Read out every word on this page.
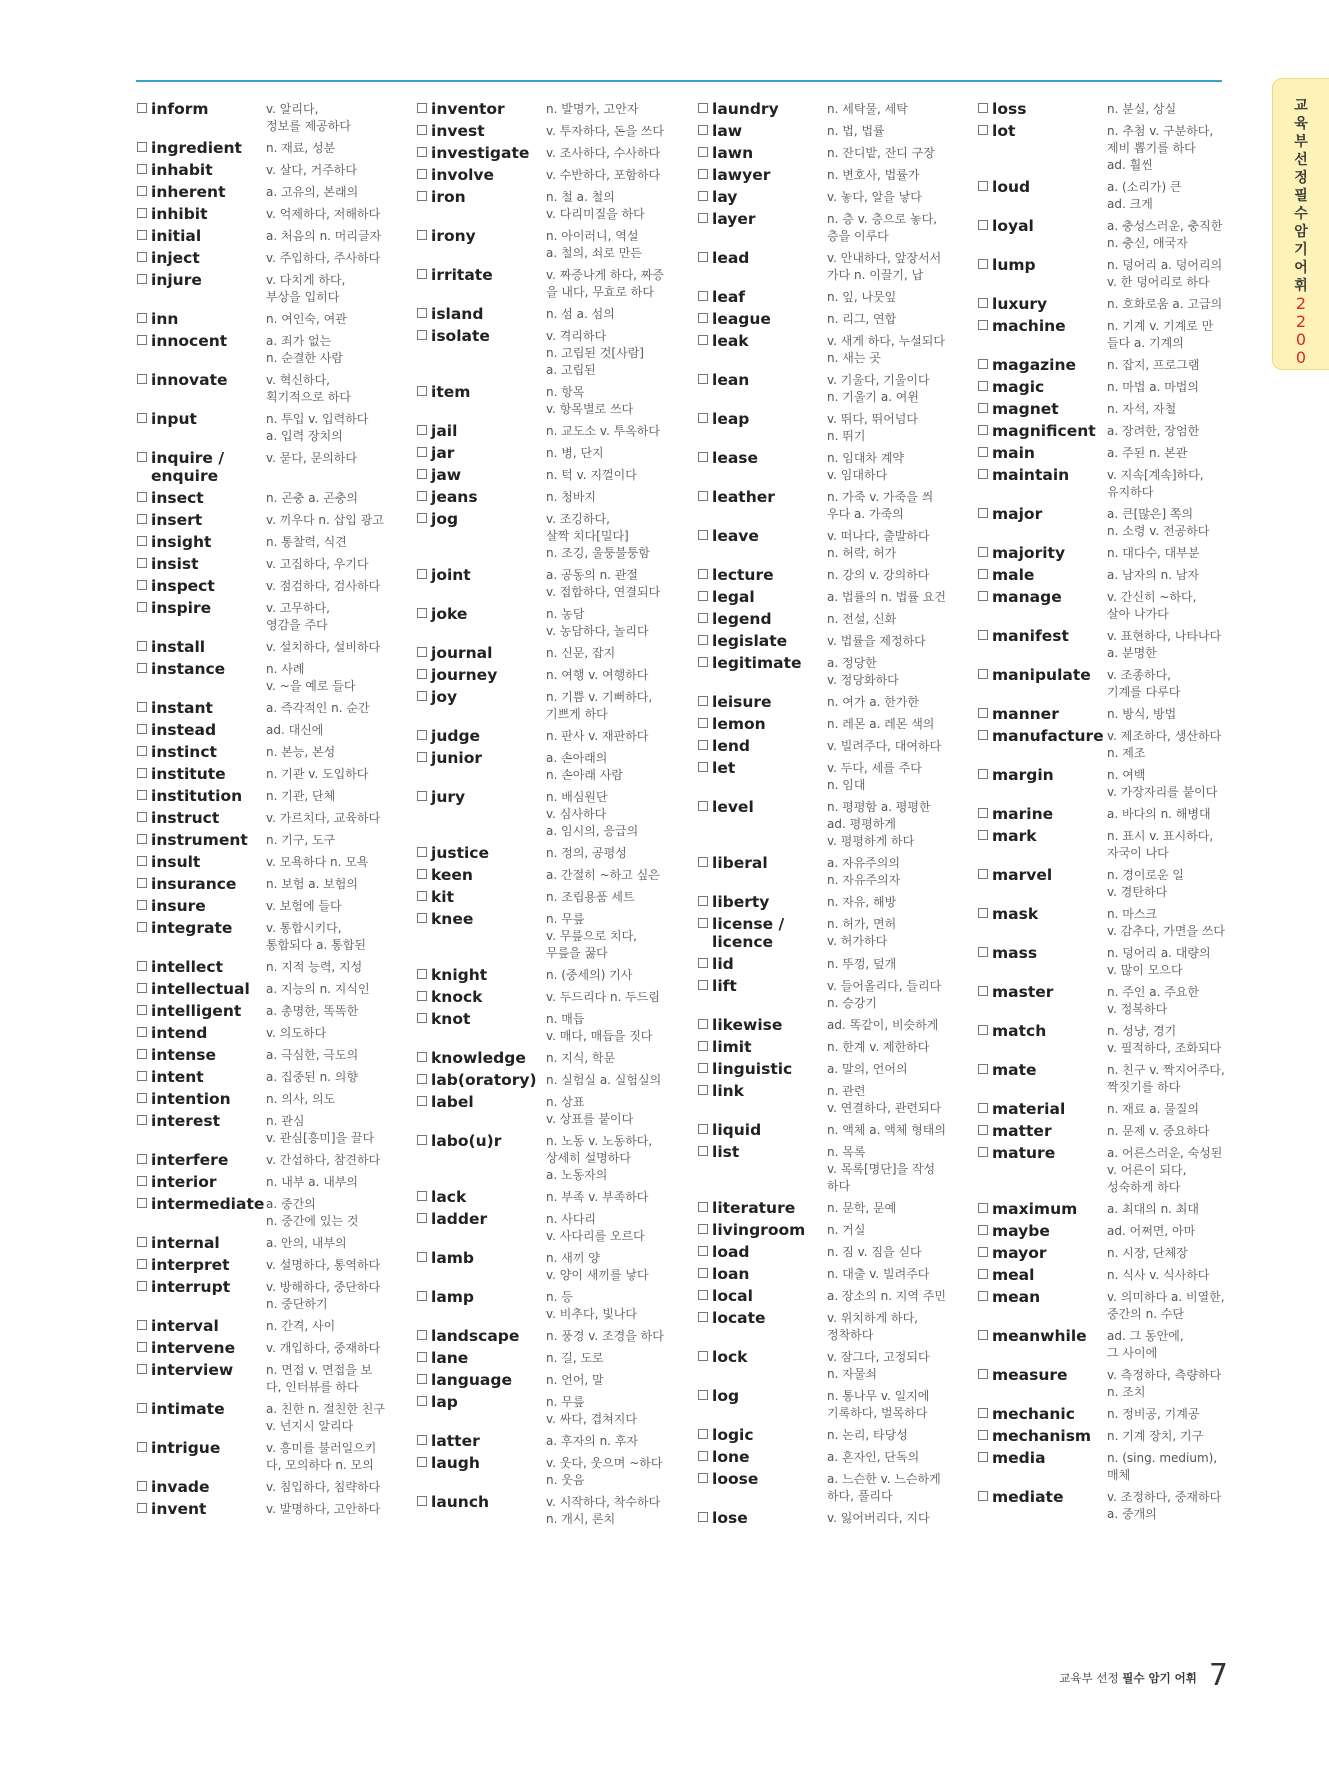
교
육
부
선
정
필
수
암
기
어
휘
2
2
0
0
inform	v. 알리다,
정보를 제공하다
ingredient n. 재료, 성분
inhabit	v. 살다, 거주하다
inherent	a. 고유의, 본래의
inhibit	v. 억제하다, 저해하다
initial	a. 처음의 n. 머리글자
inject	v. 주입하다, 주사하다
injure	v. 다치게 하다,
부상을 입히다
inn	n. 여인숙, 여관
innocent	a. 죄가 없는
n. 순결한 사람
innovate	v. 혁신하다,
획기적으로 하다
input	n. 투입 v. 입력하다
a. 입력 장치의
inquire /
enquire
v. 묻다, 문의하다
insect	n. 곤충 a. 곤충의
insert	v. 끼우다 n. 삽입 광고
insight	n. 통찰력, 식견
insist	v. 고집하다, 우기다
inspect	v. 점검하다, 검사하다
inspire	v. 고무하다,
영감을 주다
install	v. 설치하다, 설비하다
instance	n. 사례
v. ~을 예로 들다
instant	a. 즉각적인 n. 순간
instead	ad. 대신에
instinct	n. 본능, 본성
institute	n. 기관 v. 도입하다
institution n. 기관, 단체
instruct	v. 가르치다, 교육하다
instrument n. 기구, 도구
insult	v. 모욕하다 n. 모욕
insurance n. 보험 a. 보험의
insure	v. 보험에 들다
integrate	v. 통합시키다,
통합되다 a. 통합된
intellect	n. 지적 능력, 지성
intellectual a. 지능의 n. 지식인
intelligent a. 총명한, 똑똑한
intend	v. 의도하다
intense	a. 극심한, 극도의
intent	a. 집중된 n. 의향
intention	n. 의사, 의도
interest	n. 관심
v. 관심[흥미]을 끌다
interfere	v. 간섭하다, 참견하다
interior	n. 내부 a. 내부의
intermediate a. 중간의
n. 중간에 있는 것
internal	a. 안의, 내부의
interpret	v. 설명하다, 통역하다
interrupt	v. 방해하다, 중단하다
n. 중단하기
interval	n. 간격, 사이
intervene	v. 개입하다, 중재하다
interview	n. 면접 v. 면접을 보
다, 인터뷰를 하다
intimate	a. 친한 n. 절친한 친구
v. 넌지시 알리다
intrigue	v. 흥미를 불러일으키
다, 모의하다 n. 모의
invade	v. 침입하다, 침략하다
invent	v. 발명하다, 고안하다
inventor	n. 발명가, 고안자
invest	v. 투자하다, 돈을 쓰다
investigate v. 조사하다, 수사하다
involve	v. 수반하다, 포함하다
iron	n. 철 a. 철의
v. 다리미질을 하다
irony	n. 아이러니, 역설
a. 철의, 쇠로 만든
irritate	v. 짜증나게 하다, 짜증
을 내다, 무효로 하다
island	n. 섬 a. 섬의
isolate	v. 격리하다
n. 고립된 것[사람]
a. 고립된
item	n. 항목
v. 항목별로 쓰다
jail	n. 교도소 v. 투옥하다
jar	n. 병, 단지
jaw	n. 턱 v. 지껄이다
jeans	n. 청바지
jog	v. 조깅하다,
살짝 치다[밀다]
n. 조깅, 울퉁불퉁함
joint	a. 공동의 n. 관절
v. 접합하다, 연결되다
joke	n. 농담
v. 농담하다, 놀리다
journal	n. 신문, 잡지
journey	n. 여행 v. 여행하다
joy	n. 기쁨 v. 기뻐하다,
기쁘게 하다
judge	n. 판사 v. 재판하다
junior	a. 손아래의
n. 손아래 사람
jury	n. 배심원단
v. 심사하다
a. 임시의, 응급의
justice	n. 정의, 공평성
keen	a. 간절히 ~하고 싶은
kit	n. 조립용품 세트
knee	n. 무릎
v. 무릎으로 치다,
무릎을 꿇다
knight	n. (중세의) 기사
knock	v. 두드리다 n. 두드림
knot	n. 매듭
v. 매다, 매듭을 짓다
knowledge n. 지식, 학문
lab(oratory) n. 실험실 a. 실험실의
label	n. 상표
v. 상표를 붙이다
labo(u)r	n. 노동 v. 노동하다,
상세히 설명하다
a. 노동자의
lack	n. 부족 v. 부족하다
ladder	n. 사다리
v. 사다리를 오르다
lamb	n. 새끼 양
v. 양이 새끼를 낳다
lamp	n. 등
v. 비추다, 빛나다
landscape n. 풍경 v. 조경을 하다
lane	n. 길, 도로
language	n. 언어, 말
lap	n. 무릎
v. 싸다, 겹쳐지다
latter	a. 후자의 n. 후자
laugh	v. 웃다, 웃으며 ~하다
n. 웃음
launch	v. 시작하다, 착수하다
n. 개시, 론치
laundry	n. 세탁물, 세탁
law	n. 법, 법률
lawn	n. 잔디밭, 잔디 구장
lawyer	n. 변호사, 법률가
lay	v. 놓다, 알을 낳다
layer	n. 층 v. 층으로 놓다,
층을 이루다
lead	v. 안내하다, 앞장서서
가다 n. 이끌기, 납
leaf	n. 잎, 나뭇잎
league	n. 리그, 연합
leak	v. 새게 하다, 누설되다
n. 새는 곳
lean	v. 기울다, 기울이다
n. 기울기 a. 여윈
leap	v. 뛰다, 뛰어넘다
n. 뛰기
lease	n. 임대차 계약
v. 임대하다
leather	n. 가죽 v. 가죽을 씌
우다 a. 가죽의
leave	v. 떠나다, 출발하다
n. 허락, 허가
lecture	n. 강의 v. 강의하다
legal	a. 법률의 n. 법률 요건
legend	n. 전설, 신화
legislate	v. 법률을 제정하다
legitimate a. 정당한
v. 정당화하다
leisure	n. 여가 a. 한가한
lemon	n. 레몬 a. 레몬 색의
lend	v. 빌려주다, 대여하다
let	v. 두다, 세를 주다
n. 임대
level	n. 평평함 a. 평평한
ad. 평평하게
v. 평평하게 하다
liberal	a. 자유주의의
n. 자유주의자
liberty	n. 자유, 해방
license /
licence
n. 허가, 면허
v. 허가하다
lid	n. 뚜껑, 덮개
lift	v. 들어올리다, 들리다
n. 승강기
likewise	ad. 똑같이, 비슷하게
limit	n. 한계 v. 제한하다
linguistic	a. 말의, 언어의
link	n. 관련
v. 연결하다, 관련되다
liquid	n. 액체 a. 액체 형태의
list	n. 목록
v. 목록[명단]을 작성
하다
literature	n. 문학, 문예
livingroom n. 거실
load	n. 짐 v. 짐을 싣다
loan	n. 대출 v. 빌려주다
local	a. 장소의 n. 지역 주민
locate	v. 위치하게 하다,
정착하다
lock	v. 잠그다, 고정되다
n. 자물쇠
log	n. 통나무 v. 일지에
기록하다, 벌목하다
logic	n. 논리, 타당성
lone	a. 혼자인, 단독의
loose	a. 느슨한 v. 느슨하게
하다, 풀리다
lose	v. 잃어버리다, 지다
loss	n. 분실, 상실
lot	n. 추첨 v. 구분하다,
제비 뽑기를 하다
ad. 훨씬
loud	a. (소리가) 큰
ad. 크게
loyal	a. 충성스러운, 충직한
n. 충신, 애국자
lump	n. 덩어리 a. 덩어리의
v. 한 덩어리로 하다
luxury	n. 호화로움 a. 고급의
machine	n. 기계 v. 기계로 만
들다 a. 기계의
magazine	n. 잡지, 프로그램
magic	n. 마법 a. 마법의
magnet	n. 자석, 자철
magnificent a. 장려한, 장엄한
main	a. 주된 n. 본관
maintain	v. 지속[계속]하다,
유지하다
major	a. 큰[많은] 쪽의
n. 소령 v. 전공하다
majority	n. 대다수, 대부분
male	a. 남자의 n. 남자
manage	v. 간신히 ~하다,
살아 나가다
manifest	v. 표현하다, 나타나다
a. 분명한
manipulate v. 조종하다,
기계를 다루다
manner	n. 방식, 방법
manufacture v. 제조하다, 생산하다
n. 제조
margin	n. 여백
v. 가장자리를 붙이다
marine	a. 바다의 n. 해병대
mark	n. 표시 v. 표시하다,
자국이 나다
marvel	n. 경이로운 일
v. 경탄하다
mask	n. 마스크
v. 감추다, 가면을 쓰다
mass	n. 덩어리 a. 대량의
v. 많이 모으다
master	n. 주인 a. 주요한
v. 정복하다
match	n. 성냥, 경기
v. 필적하다, 조화되다
mate	n. 친구 v. 짝지어주다,
짝짓기를 하다
material	n. 재료 a. 물질의
matter	n. 문제 v. 중요하다
mature	a. 어른스러운, 숙성된
v. 어른이 되다,
성숙하게 하다
maximum a. 최대의 n. 최대
maybe	ad. 어쩌면, 아마
mayor	n. 시장, 단체장
meal	n. 식사 v. 식사하다
mean	v. 의미하다 a. 비열한,
중간의 n. 수단
meanwhile ad. 그 동안에,
그 사이에
measure	v. 측정하다, 측량하다
n. 조치
mechanic	n. 정비공, 기계공
mechanism n. 기계 장치, 기구
media	n. (sing. medium),
매체
mediate	v. 조정하다, 중재하다
a. 중개의
교육부 선정 필수 암기 어휘 7
